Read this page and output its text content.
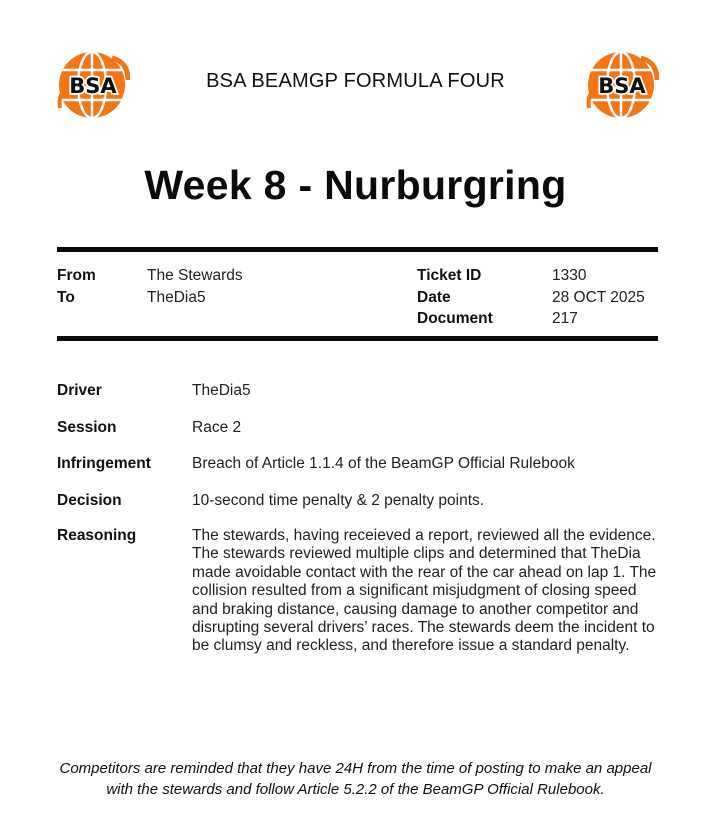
BSA	BSA BEAMGP FORMULA FOUR	BSA
Week 8 - Nurburgring
From	The Stewards
To	TheDia5
Ticket ID	1330
Date	28 OCT 2025
Document	217
Driver	TheDia5
Session	Race 2
Infringement	Breach of Article 1.1.4 of the BeamGP Official Rulebook
Decision	10-second time penalty & 2 penalty points.
Reasoning	The stewards, having receieved a report, reviewed all the evidence. The stewards reviewed multiple clips and determined that TheDia made avoidable contact with the rear of the car ahead on lap 1. The collision resulted from a significant misjudgment of closing speed and braking distance, causing damage to another competitor and disrupting several drivers’ races. The stewards deem the incident to be clumsy and reckless, and therefore issue a standard penalty.
Competitors are reminded that they have 24H from the time of posting to make an appeal with the stewards and follow Article 5.2.2 of the BeamGP Official Rulebook.
